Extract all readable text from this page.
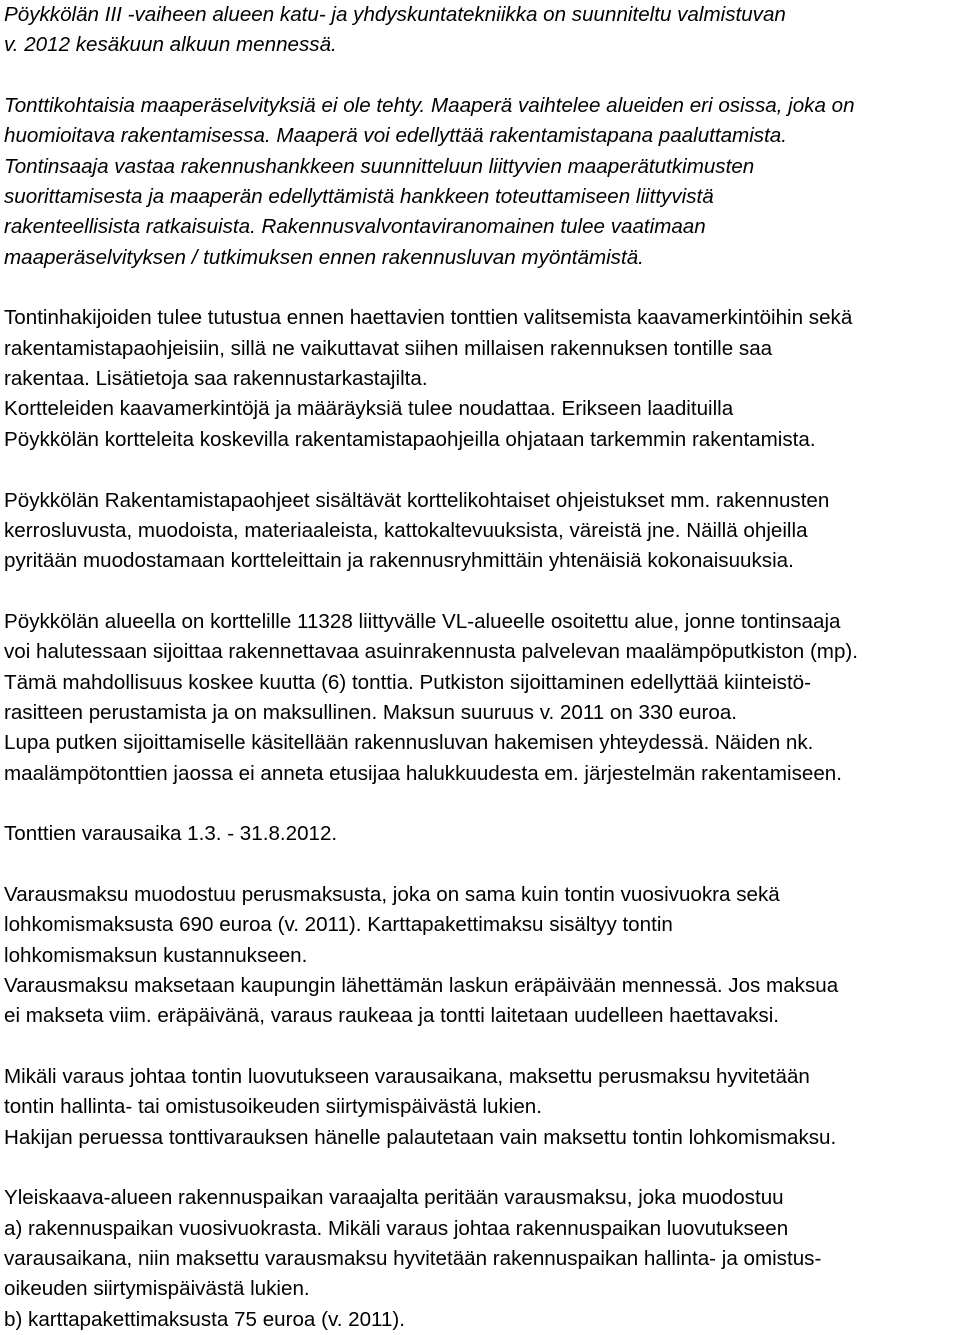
Pöykkölän III -vaiheen alueen katu- ja yhdyskuntatekniikka on suunniteltu valmistuvan
v. 2012 kesäkuun alkuun mennessä.
Tonttikohtaisia maaperäselvityksiä ei ole tehty. Maaperä vaihtelee alueiden eri osissa, joka on
huomioitava rakentamisessa. Maaperä voi edellyttää rakentamistapana paaluttamista.
Tontinsaaja vastaa rakennushankkeen suunnitteluun liittyvien maaperätutkimusten
suorittamisesta ja maaperän edellyttämistä hankkeen toteuttamiseen liittyvistä
rakenteellisista ratkaisuista. Rakennusvalvontaviranomainen tulee vaatimaan
maaperäselvityksen / tutkimuksen ennen rakennusluvan myöntämistä.
Tontinhakijoiden tulee tutustua ennen haettavien tonttien valitsemista kaavamerkintöihin sekä
rakentamistapaohjeisiin, sillä ne vaikuttavat siihen millaisen rakennuksen tontille saa
rakentaa. Lisätietoja saa rakennustarkastajilta.
Kortteleiden kaavamerkintöjä ja määräyksiä tulee noudattaa. Erikseen laadituilla
Pöykkölän kortteleita koskevilla rakentamistapaohjeilla ohjataan tarkemmin rakentamista.
Pöykkölän Rakentamistapaohjeet sisältävät korttelikohtaiset ohjeistukset mm. rakennusten
kerrosluvusta, muodoista, materiaaleista, kattokaltevuuksista, väreistä jne. Näillä ohjeilla
pyritään muodostamaan kortteleittain ja rakennusryhmittäin yhtenäisiä kokonaisuuksia.
Pöykkölän alueella on korttelille 11328 liittyvälle VL-alueelle osoitettu alue, jonne tontinsaaja
voi halutessaan sijoittaa rakennettavaa asuinrakennusta palvelevan maalämpöputkiston (mp).
Tämä mahdollisuus koskee kuutta (6) tonttia. Putkiston sijoittaminen edellyttää kiinteistö-
rasitteen perustamista ja on maksullinen. Maksun suuruus v. 2011 on 330 euroa.
Lupa putken sijoittamiselle käsitellään rakennusluvan hakemisen yhteydessä. Näiden nk.
maalämpötonttien jaossa ei anneta etusijaa halukkuudesta em. järjestelmän rakentamiseen.
Tonttien varausaika 1.3. - 31.8.2012.
Varausmaksu muodostuu perusmaksusta, joka on sama kuin tontin vuosivuokra sekä
lohkomismaksusta 690 euroa (v. 2011). Karttapakettimaksu sisältyy tontin
lohkomismaksun kustannukseen.
Varausmaksu maksetaan kaupungin lähettämän laskun eräpäivään mennessä. Jos maksua
ei makseta viim. eräpäivänä, varaus raukeaa ja tontti laitetaan uudelleen haettavaksi.
Mikäli varaus johtaa tontin luovutukseen varausaikana, maksettu perusmaksu hyvitetään
tontin hallinta- tai omistusoikeuden siirtymispäivästä lukien.
Hakijan peruessa tonttivarauksen hänelle palautetaan vain maksettu tontin lohkomismaksu.
Yleiskaava-alueen rakennuspaikan varaajalta peritään varausmaksu, joka muodostuu
a) rakennuspaikan vuosivuokrasta. Mikäli varaus johtaa rakennuspaikan luovutukseen
varausaikana, niin maksettu varausmaksu hyvitetään rakennuspaikan hallinta- ja omistus-
oikeuden siirtymispäivästä lukien.
b) karttapakettimaksusta 75 euroa (v. 2011).
